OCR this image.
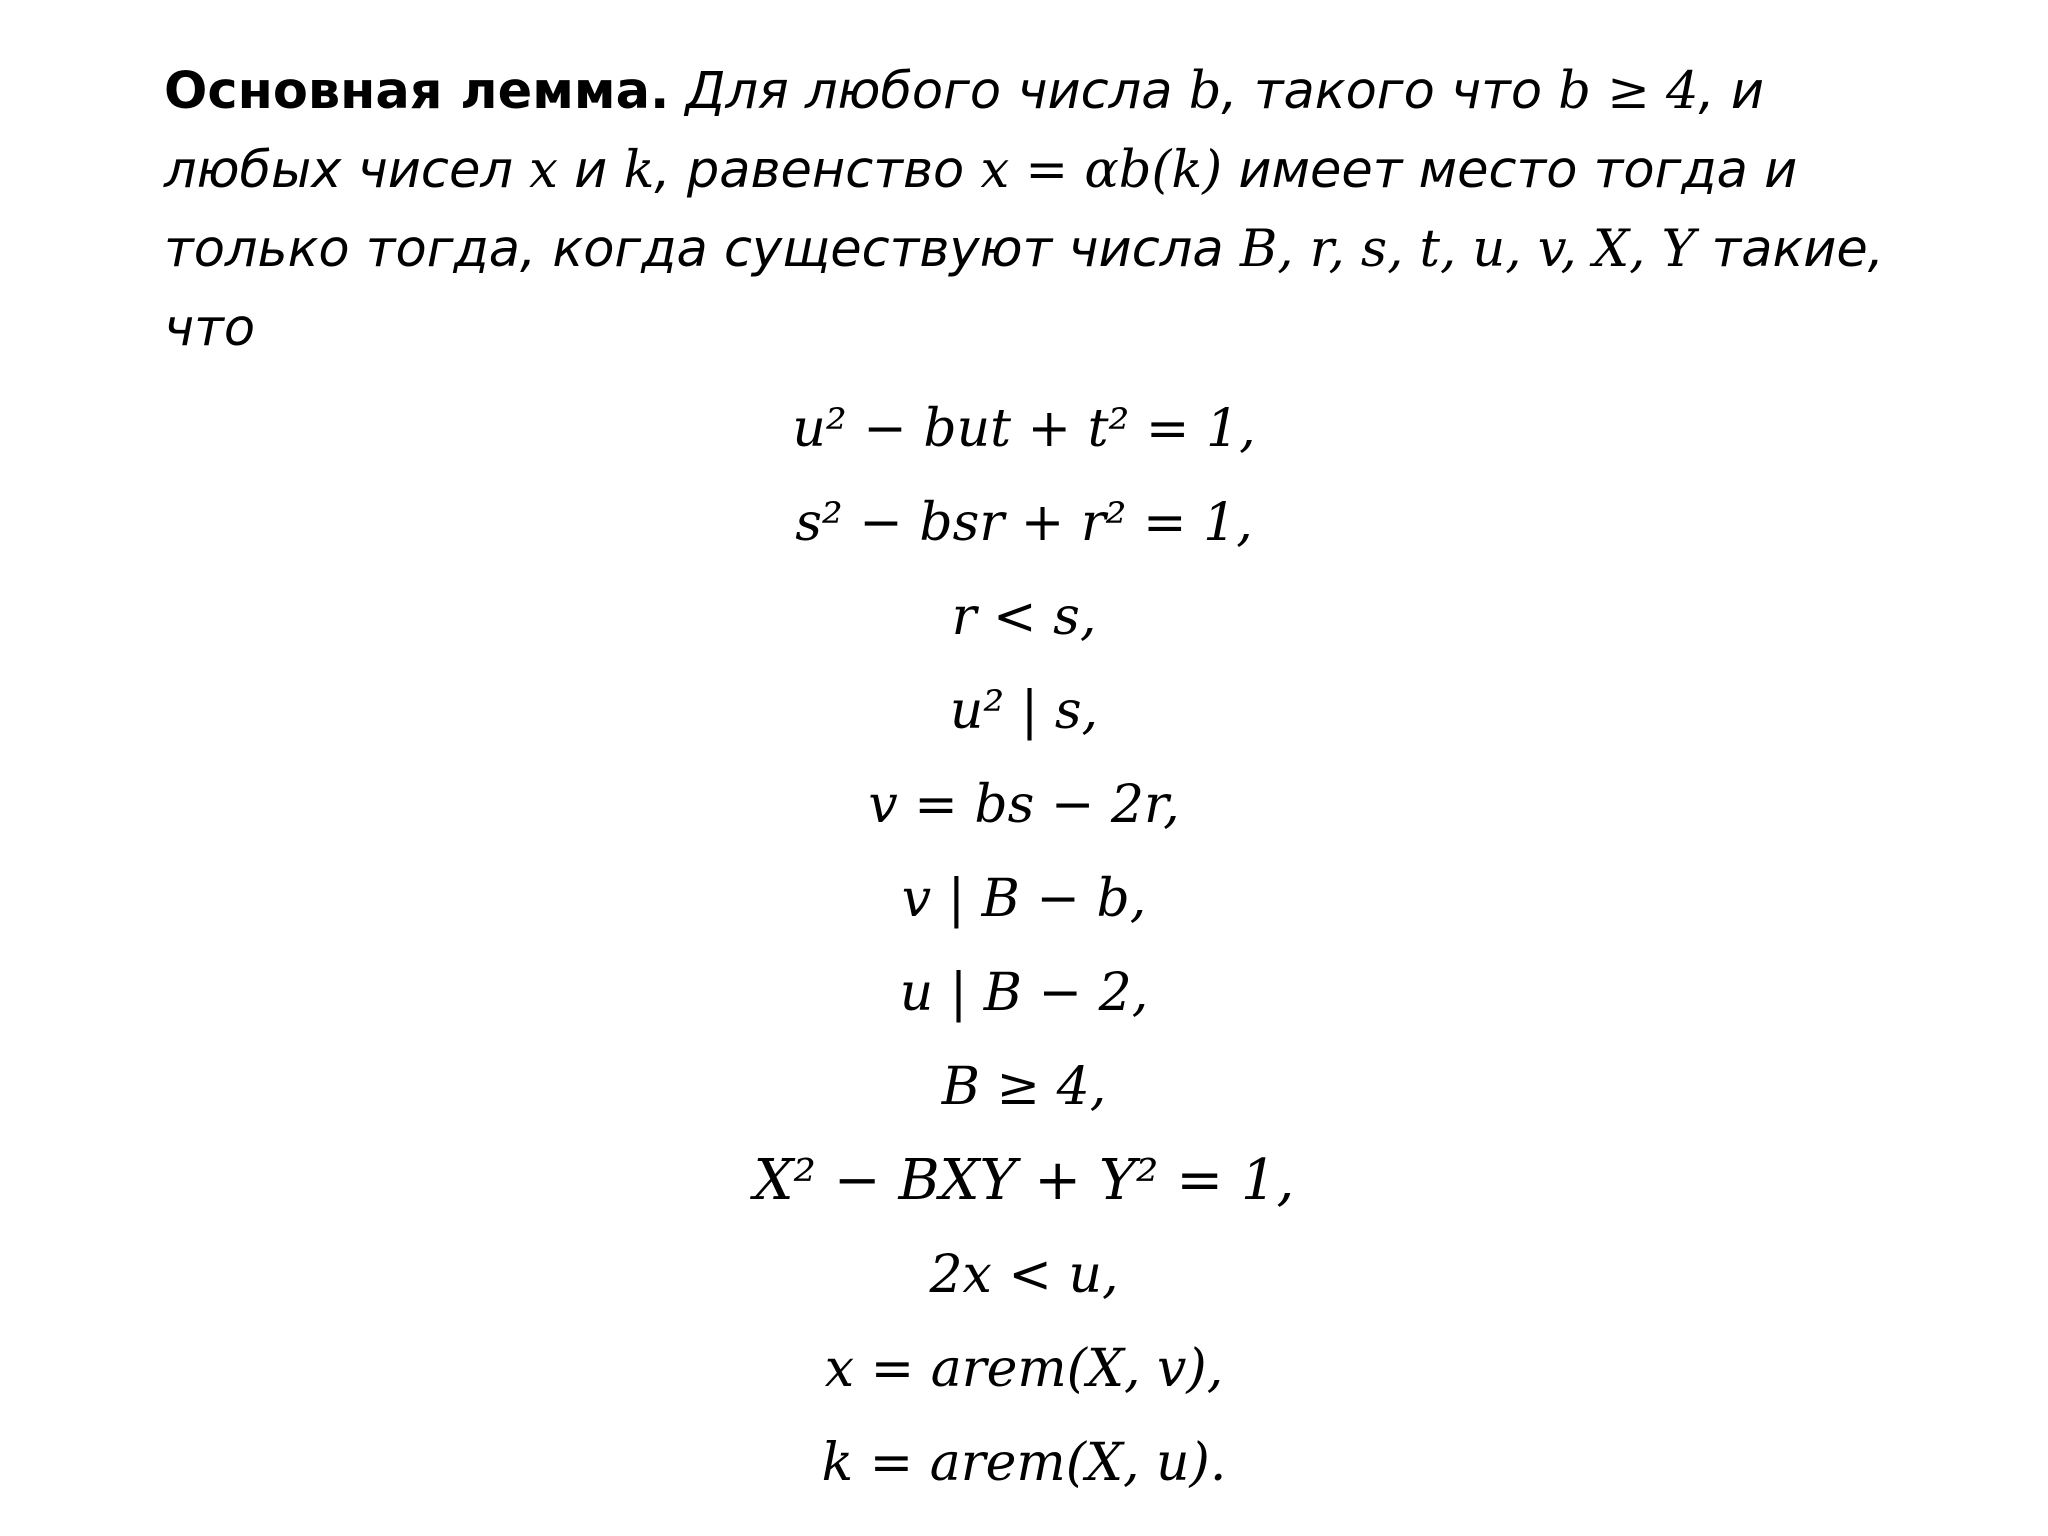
Основная лемма. Для любого числа b, такого что b ≥ 4, и любых чисел x и k, равенство x = αb(k) имеет место тогда и только тогда, когда существуют числа B, r, s, t, u, v, X, Y такие, что
u² − but + t² = 1,
s² − bsr + r² = 1,
r < s,
u² | s,
v = bs − 2r,
v | B − b,
u | B − 2,
B ≥ 4,
X² − BXY + Y² = 1,
2x < u,
x = arem(X, v),
k = arem(X, u).
